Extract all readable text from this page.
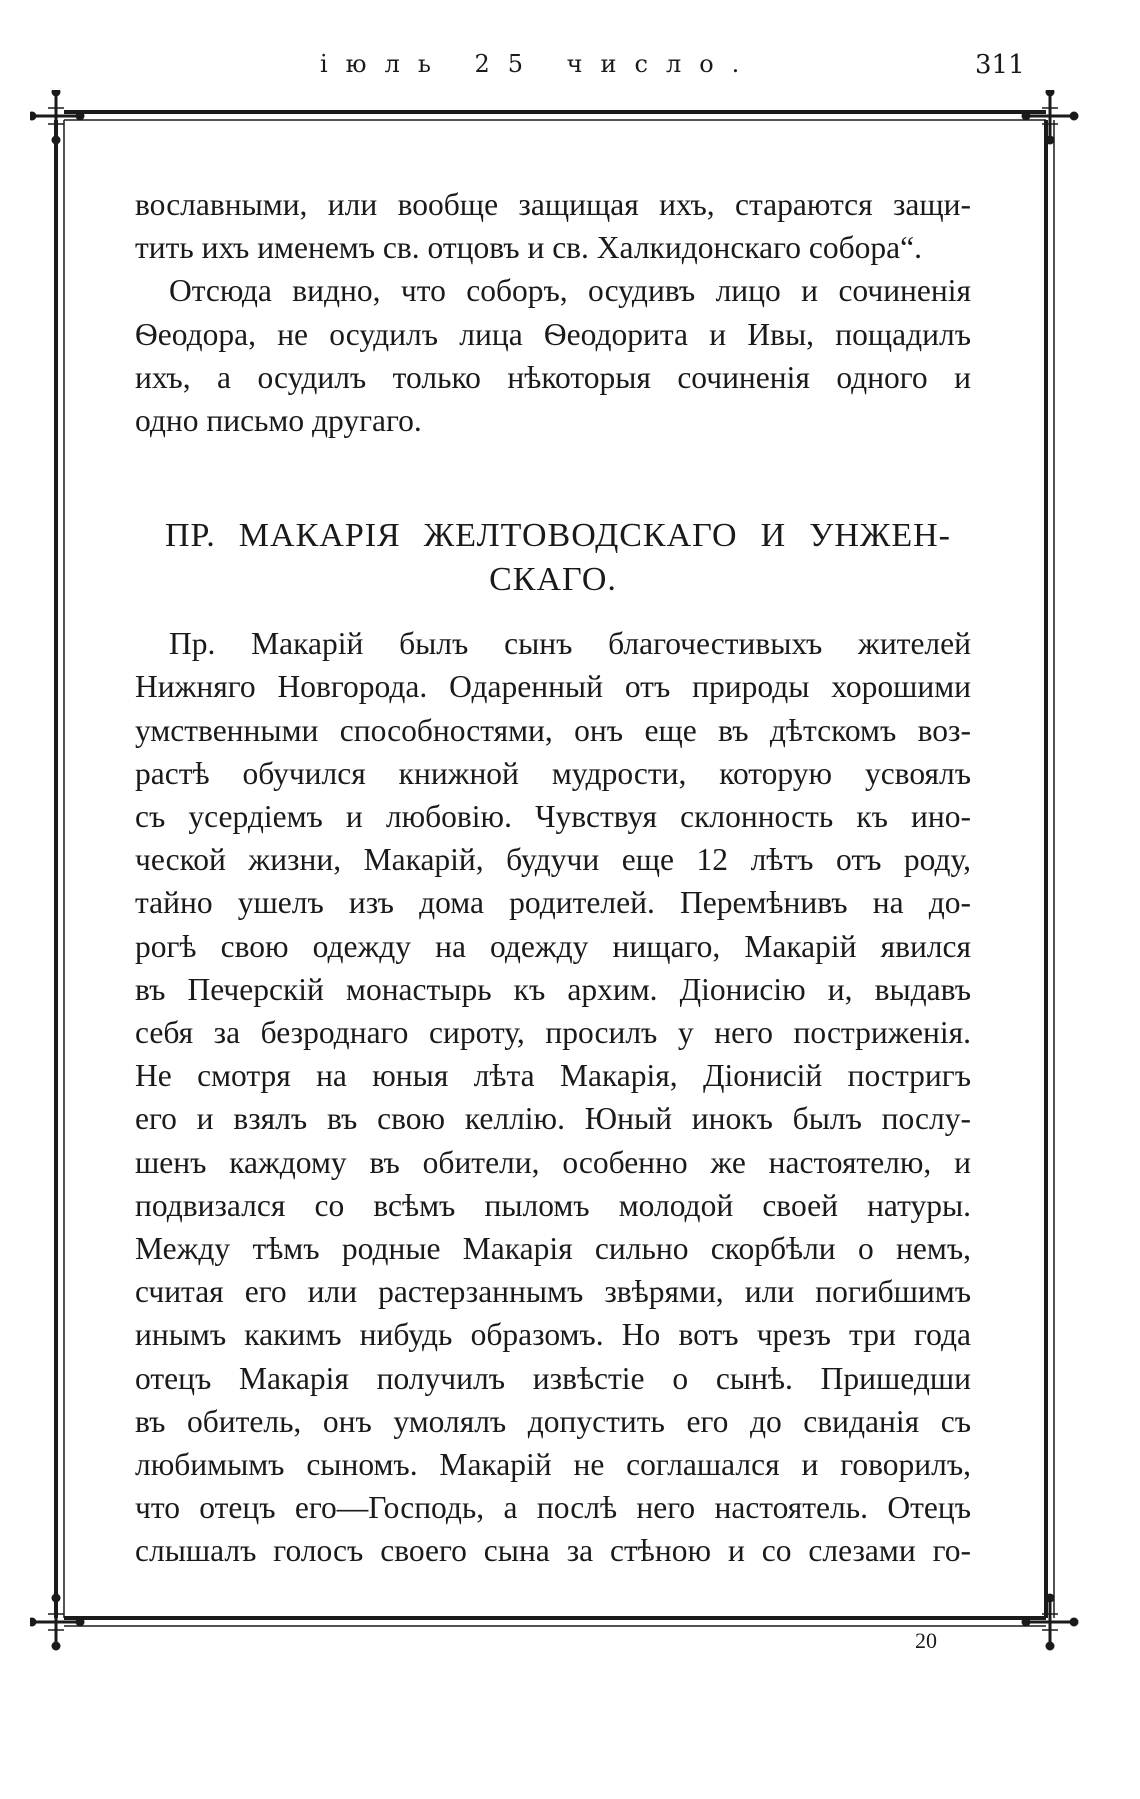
іюль 25 число.	311

вославными, или вообще защищая ихъ, стараются защи-

тить ихъ именемъ св. отцовъ и св. Халкидонскаго собора“.

Отсюда видно, что соборъ, осудивъ лицо и сочиненія

Ѳеодора, не осудилъ лица Ѳеодорита и Ивы, пощадилъ

ихъ, а осудилъ только нѣкоторыя сочиненія одного и

одно письмо другаго.

ПР. МАКАРІЯ ЖЕЛТОВОДСКАГО И УНЖЕН-
СКАГО.

Пр. Макарій былъ сынъ благочестивыхъ жителей

Нижняго Новгорода. Одаренный отъ природы хорошими

умственными способностями, онъ еще въ дѣтскомъ воз-

растѣ обучился книжной мудрости, которую усвоялъ

съ усердіемъ и любовію. Чувствуя склонность къ ино-

ческой жизни, Макарій, будучи еще 12 лѣтъ отъ роду,

тайно ушелъ изъ дома родителей. Перемѣнивъ на до-

рогѣ свою одежду на одежду нищаго, Макарій явился

въ Печерскій монастырь къ архим. Діонисію и, выдавъ

себя за безроднаго сироту, просилъ у него постриженія.

Не смотря на юныя лѣта Макарія, Діонисій постригъ

его и взялъ въ свою келлію. Юный инокъ былъ послу-

шенъ каждому въ обители, особенно же настоятелю, и

подвизался со всѣмъ пыломъ молодой своей натуры.

Между тѣмъ родные Макарія сильно скорбѣли о немъ,

считая его или растерзаннымъ звѣрями, или погибшимъ

инымъ какимъ нибудь образомъ. Но вотъ чрезъ три года

отецъ Макарія получилъ извѣстіе о сынѣ. Пришедши

въ обитель, онъ умолялъ допустить его до свиданія съ

любимымъ сыномъ. Макарій не соглашался и говорилъ,

что отецъ его—Господь, а послѣ него настоятель. Отецъ

слышалъ голосъ своего сына за стѣною и со слезами го-

20
